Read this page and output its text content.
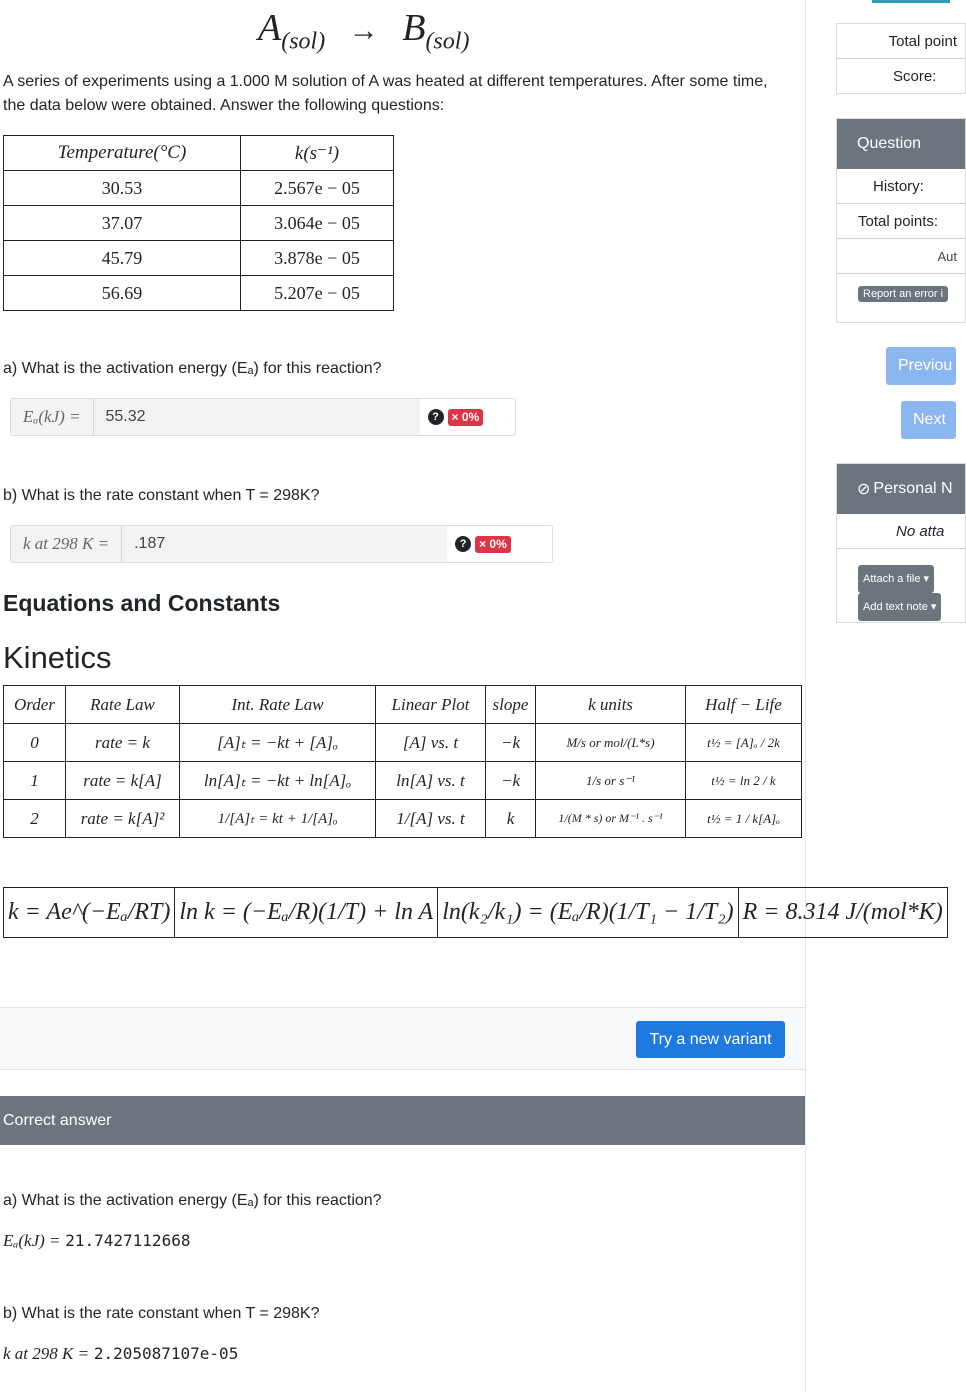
$A_{(sol)} \to B_{(sol)}$
A series of experiments using a 1.000 M solution of A was heated at different temperatures. After some time, the data below were obtained. Answer the following questions:
Temperature(°C)	k(s⁻¹)
30.53	2.567e − 05
37.07	3.064e − 05
45.79	3.878e − 05
56.69	5.207e − 05
a) What is the activation energy (Eₐ) for this reaction?
Eₐ(kJ) =
55.32	?	× 0%
b) What is the rate constant when T = 298K?
k at 298 K =
.187	?	× 0%
Equations and Constants
Kinetics
Order	Rate Law	Int. Rate Law	Linear Plot	slope	k units	Half − Life
0	rate = k	[A]ₜ = −kt + [A]ₒ	[A] vs. t	−k	M/s or mol/(L*s)	t½ = [A]ₒ / 2k
1	rate = k[A]	ln[A]ₜ = −kt + ln[A]ₒ	ln[A] vs. t	−k	1/s or s⁻¹	t½ = ln 2 / k
2	rate = k[A]²	1/[A]ₜ = kt + 1/[A]ₒ	1/[A] vs. t	k	1/(M * s) or M⁻¹ . s⁻¹	t½ = 1 / k[A]ₒ
k = Ae^(−Eₐ/RT)	ln k = (−Eₐ/R)(1/T) + ln A	ln(k₂/k₁) = (Eₐ/R)(1/T₁ − 1/T₂)	R = 8.314 J/(mol*K)
Try a new variant
Correct answer
a) What is the activation energy (Eₐ) for this reaction?
Eₐ(kJ) = 21.7427112668
b) What is the rate constant when T = 298K?
k at 298 K = 2.205087107e-05
Total point
Score:
Question
History:
Total points:
Aut
Report an error i
Previou
Next
⊘ Personal N
No atta
Attach a file ▾
Add text note ▾
